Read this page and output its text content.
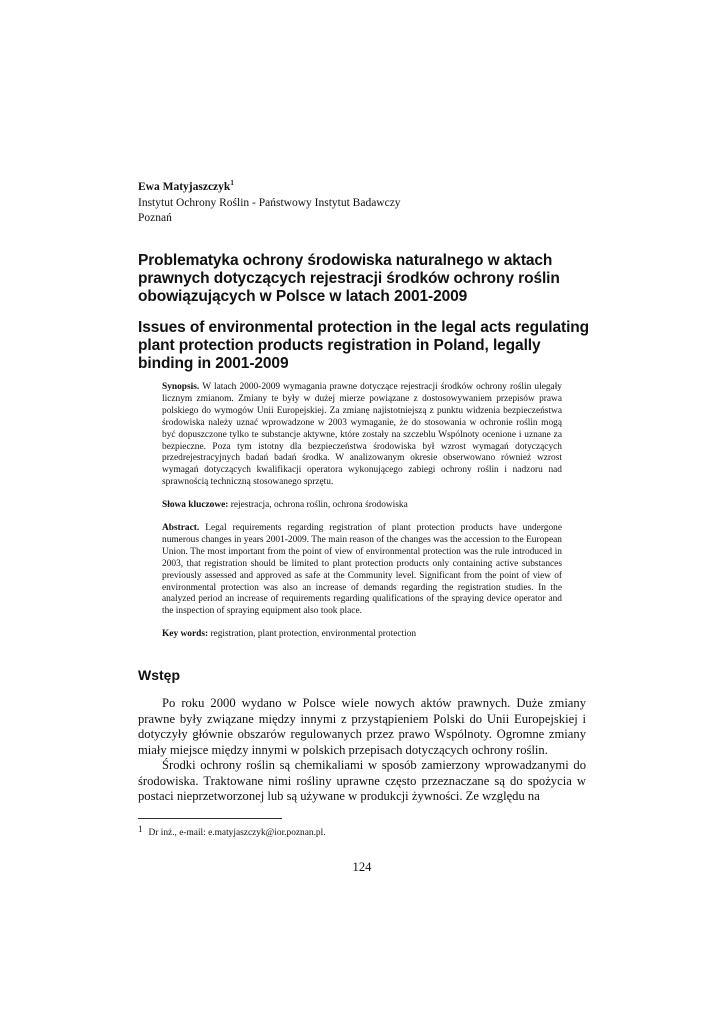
Ewa Matyjaszczyk$^1$
Instytut Ochrony Roślin - Państwowy Instytut Badawczy
Poznań
Problematyka ochrony środowiska naturalnego w aktach prawnych dotyczących rejestracji środków ochrony roślin obowiązujących w Polsce w latach 2001-2009
Issues of environmental protection in the legal acts regulating plant protection products registration in Poland, legally binding in 2001-2009
Synopsis. W latach 2000-2009 wymagania prawne dotyczące rejestracji środków ochrony roślin ulegały licznym zmianom. Zmiany te były w dużej mierze powiązane z dostosowywaniem przepisów prawa polskiego do wymogów Unii Europejskiej. Za zmianę najistotniejszą z punktu widzenia bezpieczeństwa środowiska należy uznać wprowadzone w 2003 wymaganie, że do stosowania w ochronie roślin mogą być dopuszczone tylko te substancje aktywne, które zostały na szczeblu Wspólnoty ocenione i uznane za bezpieczne. Poza tym istotny dla bezpieczeństwa środowiska był wzrost wymagań dotyczących przedrejestracyjnych badań badań środka. W analizowanym okresie obserwowano również wzrost wymagań dotyczących kwalifikacji operatora wykonującego zabiegi ochrony roślin i nadzoru nad sprawnością techniczną stosowanego sprzętu.
Słowa kluczowe: rejestracja, ochrona roślin, ochrona środowiska
Abstract. Legal requirements regarding registration of plant protection products have undergone numerous changes in years 2001-2009. The main reason of the changes was the accession to the European Union. The most important from the point of view of environmental protection was the rule introduced in 2003, that registration should be limited to plant protection products only containing active substances previously assessed and approved as safe at the Community level. Significant from the point of view of environmental protection was also an increase of demands regarding the registration studies. In the analyzed period an increase of requirements regarding qualifications of the spraying device operator and the inspection of spraying equipment also took place.
Key words: registration, plant protection, environmental protection
Wstęp

Po roku 2000 wydano w Polsce wiele nowych aktów prawnych. Duże zmiany prawne były związane między innymi z przystąpieniem Polski do Unii Europejskiej i dotyczyły głównie obszarów regulowanych przez prawo Wspólnoty. Ogromne zmiany miały miejsce między innymi w polskich przepisach dotyczących ochrony roślin.

Środki ochrony roślin są chemikaliami w sposób zamierzony wprowadzanymi do środowiska. Traktowane nimi rośliny uprawne często przeznaczane są do spożycia w postaci nieprzetworzonej lub są używane w produkcji żywności. Ze względu na

1 Dr inż., e-mail: e.matyjaszczyk@ior.poznan.pl.
124
